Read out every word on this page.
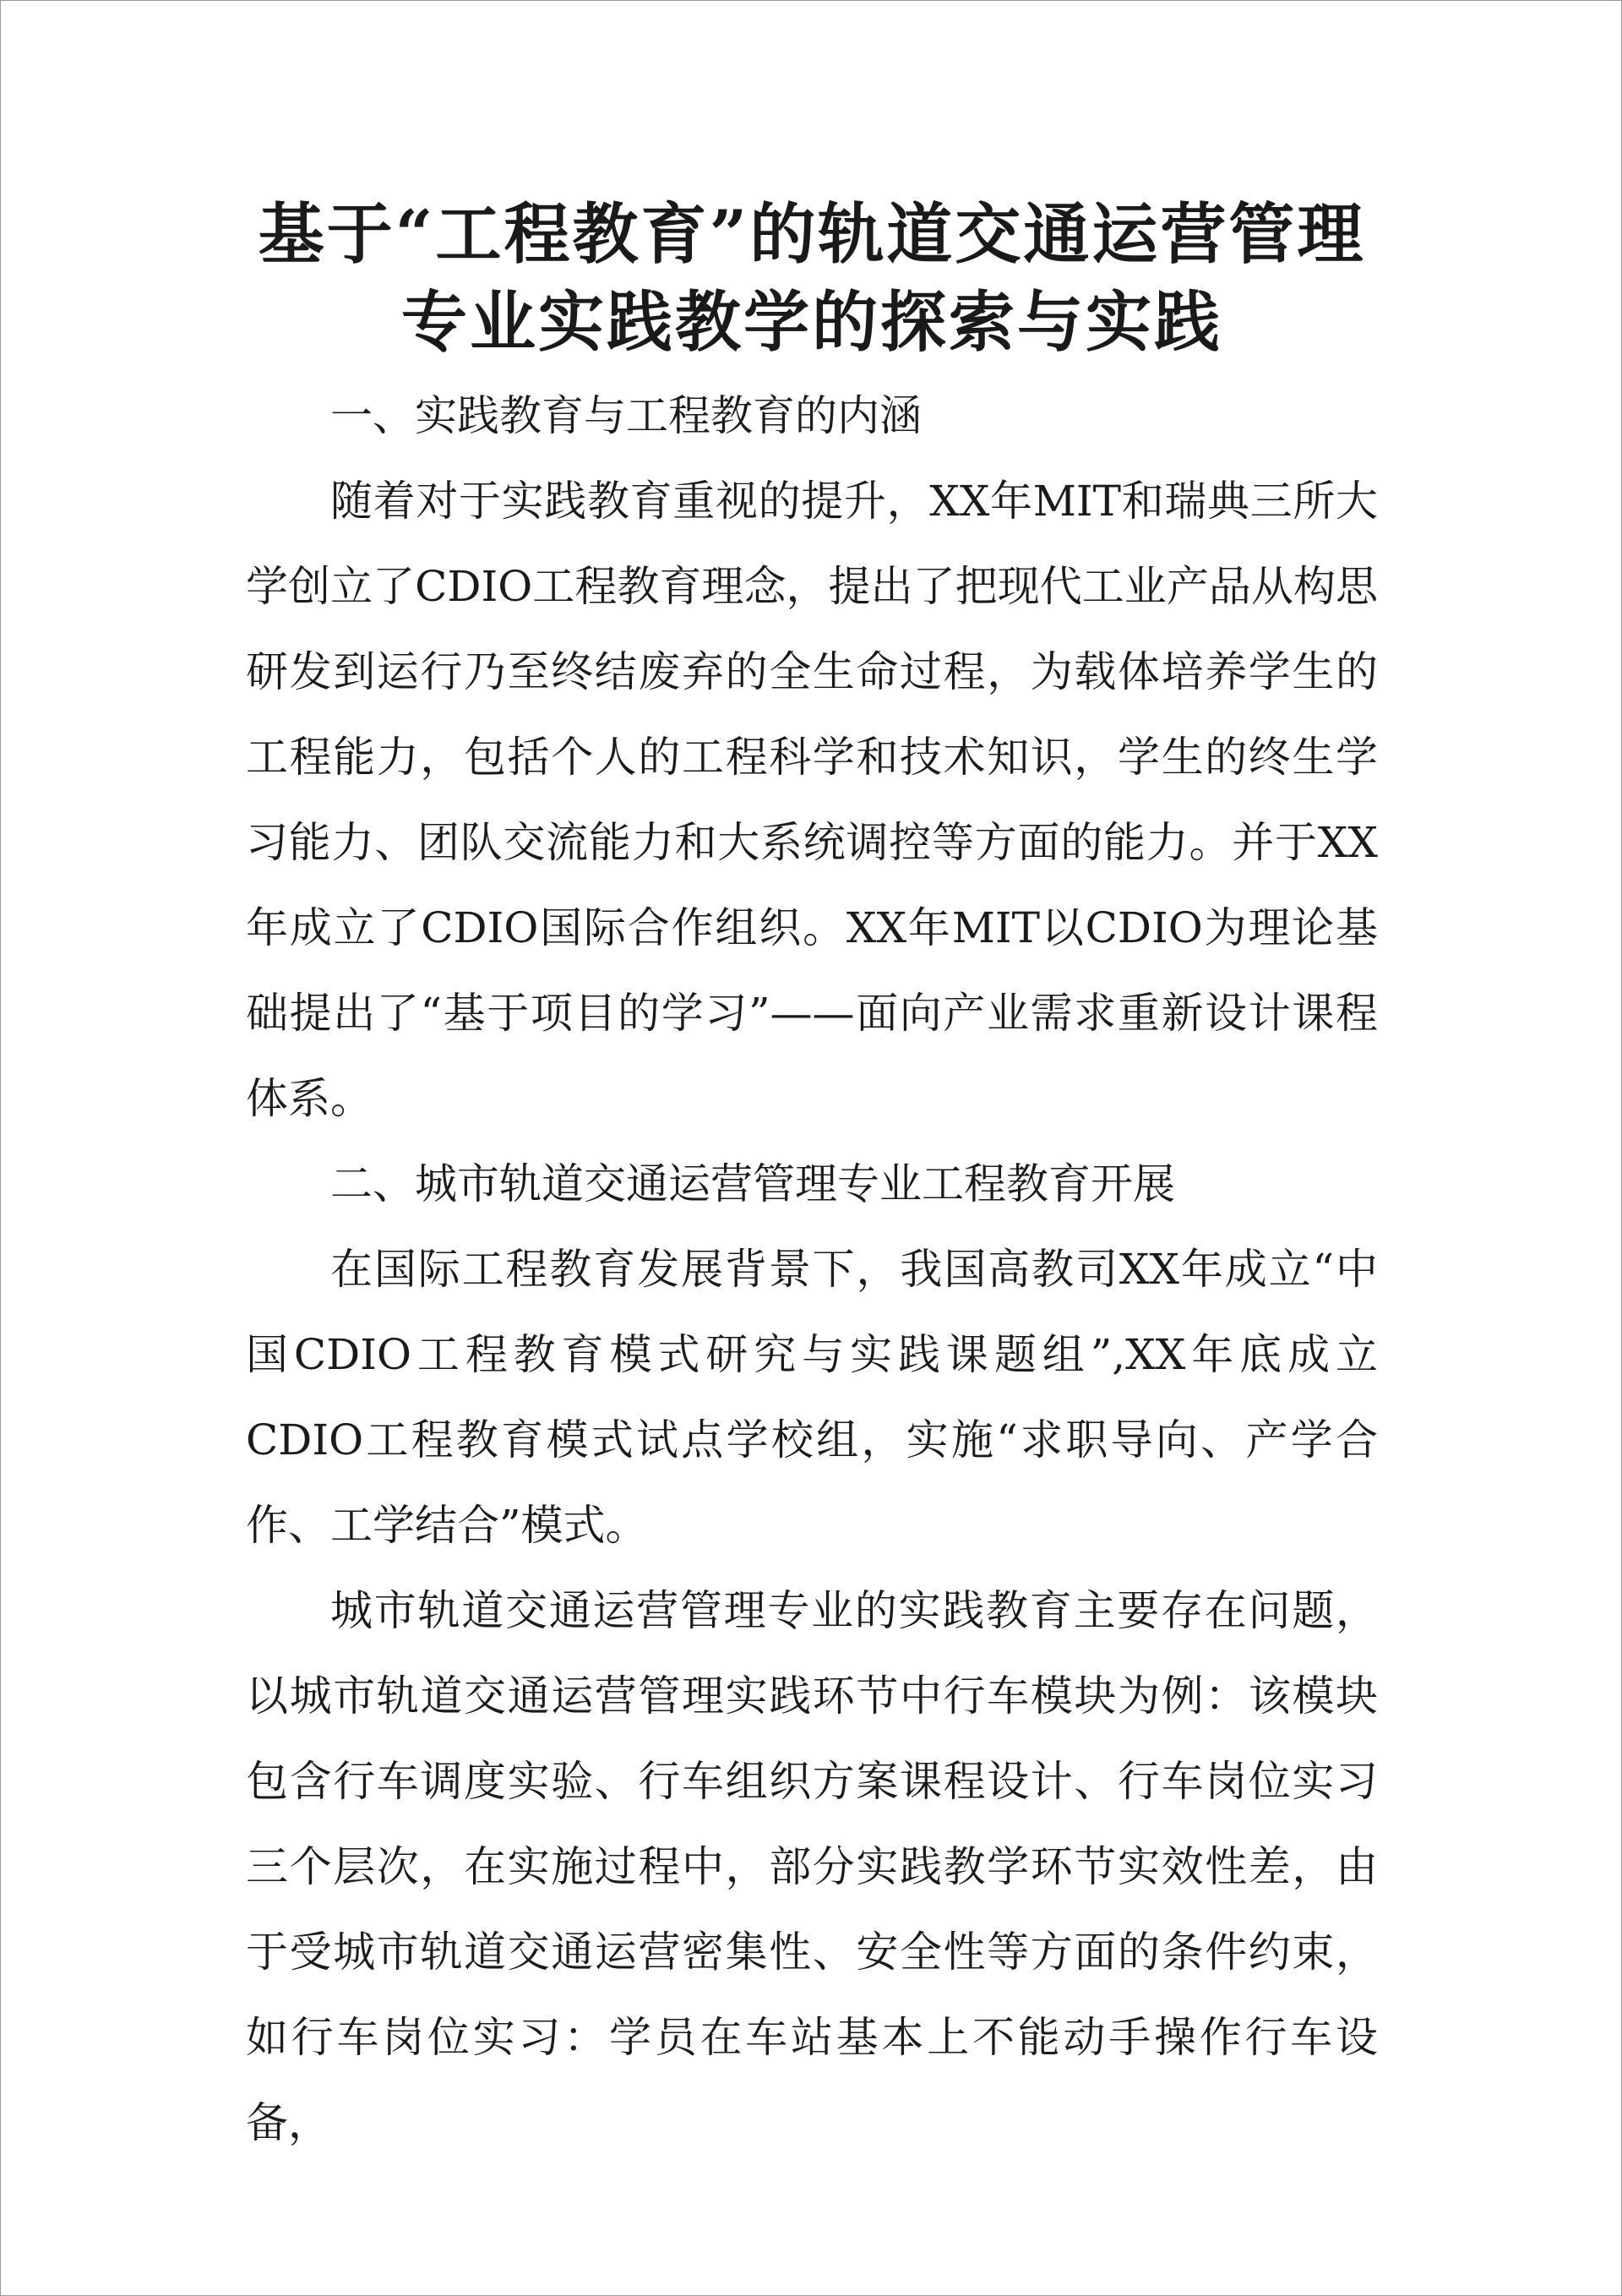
基于“工程教育”的轨道交通运营管理
专业实践教学的探索与实践

一、实践教育与工程教育的内涵

随着对于实践教育重视的提升，XX年MIT和瑞典三所大学创立了CDIO工程教育理念，提出了把现代工业产品从构思研发到运行乃至终结废弃的全生命过程，为载体培养学生的工程能力，包括个人的工程科学和技术知识，学生的终生学习能力、团队交流能力和大系统调控等方面的能力。并于XX年成立了CDIO国际合作组织。XX年MIT以CDIO为理论基础提出了“基于项目的学习”——面向产业需求重新设计课程体系。

二、城市轨道交通运营管理专业工程教育开展

在国际工程教育发展背景下，我国高教司XX年成立“中国CDIO工程教育模式研究与实践课题组”,XX年底成立CDIO工程教育模式试点学校组，实施“求职导向、产学合作、工学结合”模式。

城市轨道交通运营管理专业的实践教育主要存在问题，以城市轨道交通运营管理实践环节中行车模块为例：该模块包含行车调度实验、行车组织方案课程设计、行车岗位实习三个层次，在实施过程中，部分实践教学环节实效性差，由于受城市轨道交通运营密集性、安全性等方面的条件约束，如行车岗位实习：学员在车站基本上不能动手操作行车设备，
